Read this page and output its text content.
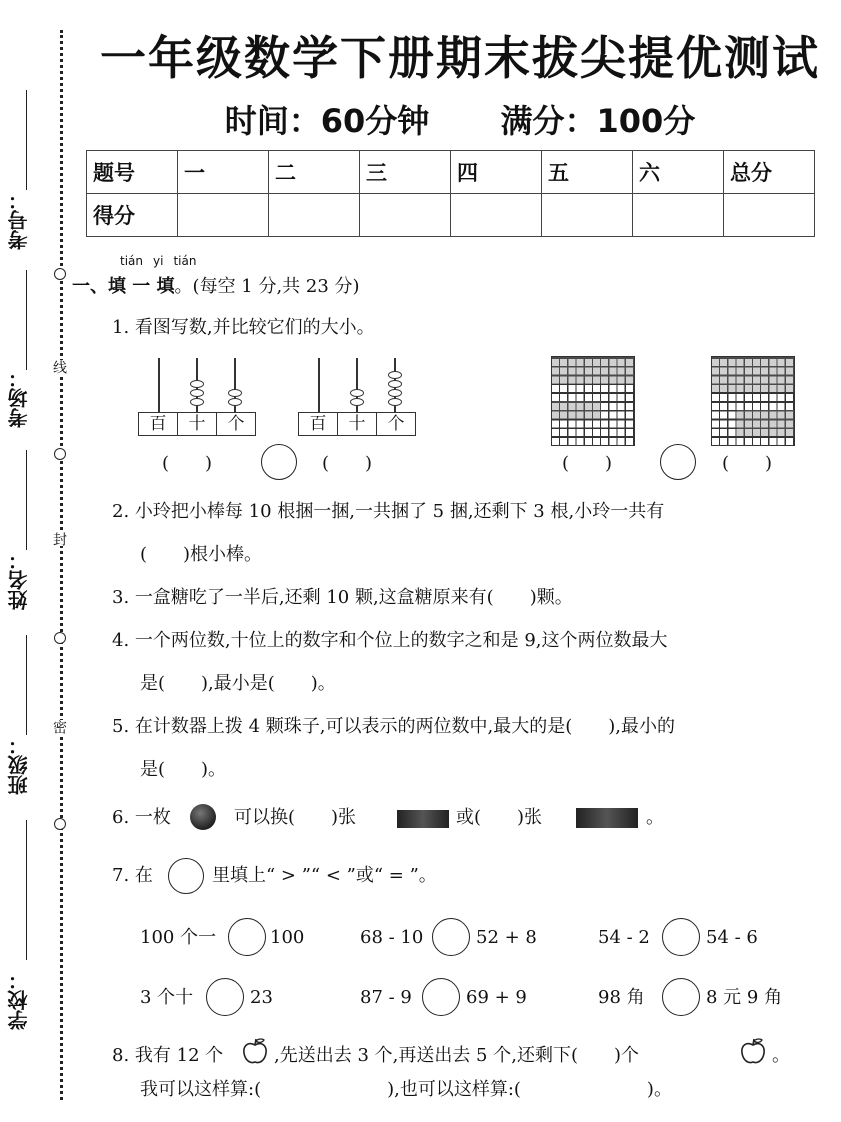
考号：
考场：
线
姓名：
封
班级：
密
学校：
一年级数学下册期末拔尖提优测试
时间：60分钟 满分：100分
题号	一	二	三	四	五	六	总分
得分							
tián yi tián
一、填 一 填。(每空 1 分,共 23 分)
1. 看图写数,并比较它们的大小。
百	十	个
(　　)	(　　)
百	十	个
(　　)	(　　)
2. 小玲把小棒每 10 根捆一捆,一共捆了 5 捆,还剩下 3 根,小玲一共有
(　　)根小棒。
3. 一盒糖吃了一半后,还剩 10 颗,这盒糖原来有(　　)颗。
4. 一个两位数,十位上的数字和个位上的数字之和是 9,这个两位数最大
是(　　),最小是(　　)。
5. 在计数器上拨 4 颗珠子,可以表示的两位数中,最大的是(　　),最小的
是(　　)。
6. 一枚	可以换(　　)张	或(　　)张	。
7. 在	里填上“ > ”“ < ”或“ = ”。
100 个一	100	68 - 10	52 + 8	54 - 2	54 - 6
3 个十	23	87 - 9	69 + 9	98 角	8 元 9 角
8. 我有 12 个	,先送出去 3 个,再送出去 5 个,还剩下(　　)个	。
我可以这样算:(　　　　　　　),也可以这样算:(　　　　　　　)。
